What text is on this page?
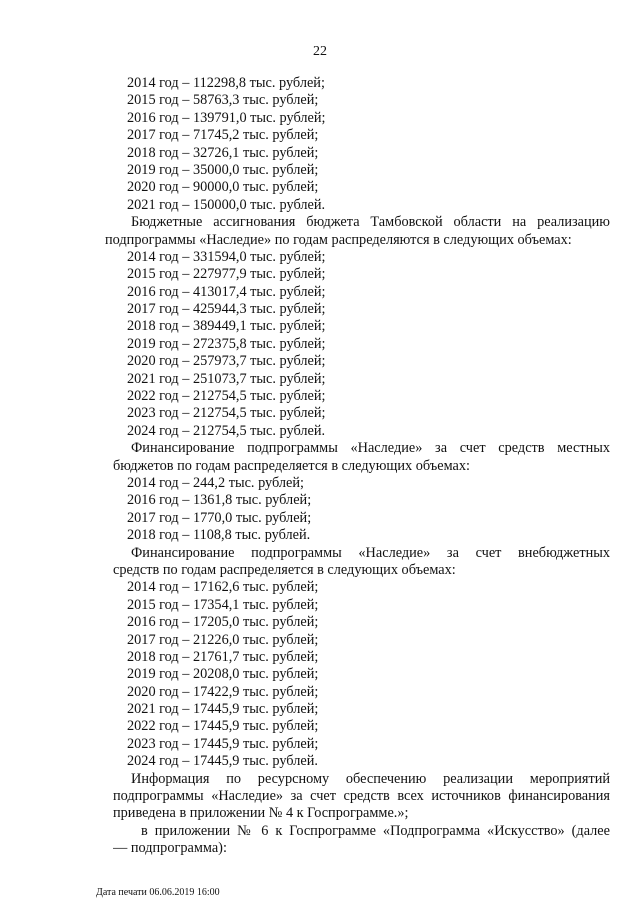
22
2014 год – 112298,8 тыс. рублей;
2015 год – 58763,3 тыс. рублей;
2016 год – 139791,0 тыс. рублей;
2017 год – 71745,2 тыс. рублей;
2018 год – 32726,1 тыс. рублей;
2019 год – 35000,0 тыс. рублей;
2020 год – 90000,0 тыс. рублей;
2021 год – 150000,0 тыс. рублей.
Бюджетные ассигнования бюджета Тамбовской области на реализацию
подпрограммы «Наследие» по годам распределяются в следующих объемах:
2014 год – 331594,0 тыс. рублей;
2015 год – 227977,9 тыс. рублей;
2016 год – 413017,4 тыс. рублей;
2017 год – 425944,3 тыс. рублей;
2018 год – 389449,1 тыс. рублей;
2019 год – 272375,8 тыс. рублей;
2020 год – 257973,7 тыс. рублей;
2021 год – 251073,7 тыс. рублей;
2022 год – 212754,5 тыс. рублей;
2023 год – 212754,5 тыс. рублей;
2024 год – 212754,5 тыс. рублей.
Финансирование подпрограммы «Наследие» за счет средств местных
бюджетов по годам распределяется в следующих объемах:
2014 год – 244,2 тыс. рублей;
2016 год – 1361,8 тыс. рублей;
2017 год – 1770,0 тыс. рублей;
2018 год – 1108,8 тыс. рублей.
Финансирование подпрограммы «Наследие» за счет внебюджетных
средств по годам распределяется в следующих объемах:
2014 год – 17162,6 тыс. рублей;
2015 год – 17354,1 тыс. рублей;
2016 год – 17205,0 тыс. рублей;
2017 год – 21226,0 тыс. рублей;
2018 год – 21761,7 тыс. рублей;
2019 год – 20208,0 тыс. рублей;
2020 год – 17422,9 тыс. рублей;
2021 год – 17445,9 тыс. рублей;
2022 год – 17445,9 тыс. рублей;
2023 год – 17445,9 тыс. рублей;
2024 год – 17445,9 тыс. рублей.
Информация по ресурсному обеспечению реализации мероприятий
подпрограммы «Наследие» за счет средств всех источников финансирования
приведена в приложении № 4 к Госпрограмме.»;
в приложении № 6 к Госпрограмме «Подпрограмма «Искусство» (далее
— подпрограмма):
Дата печати 06.06.2019 16:00
